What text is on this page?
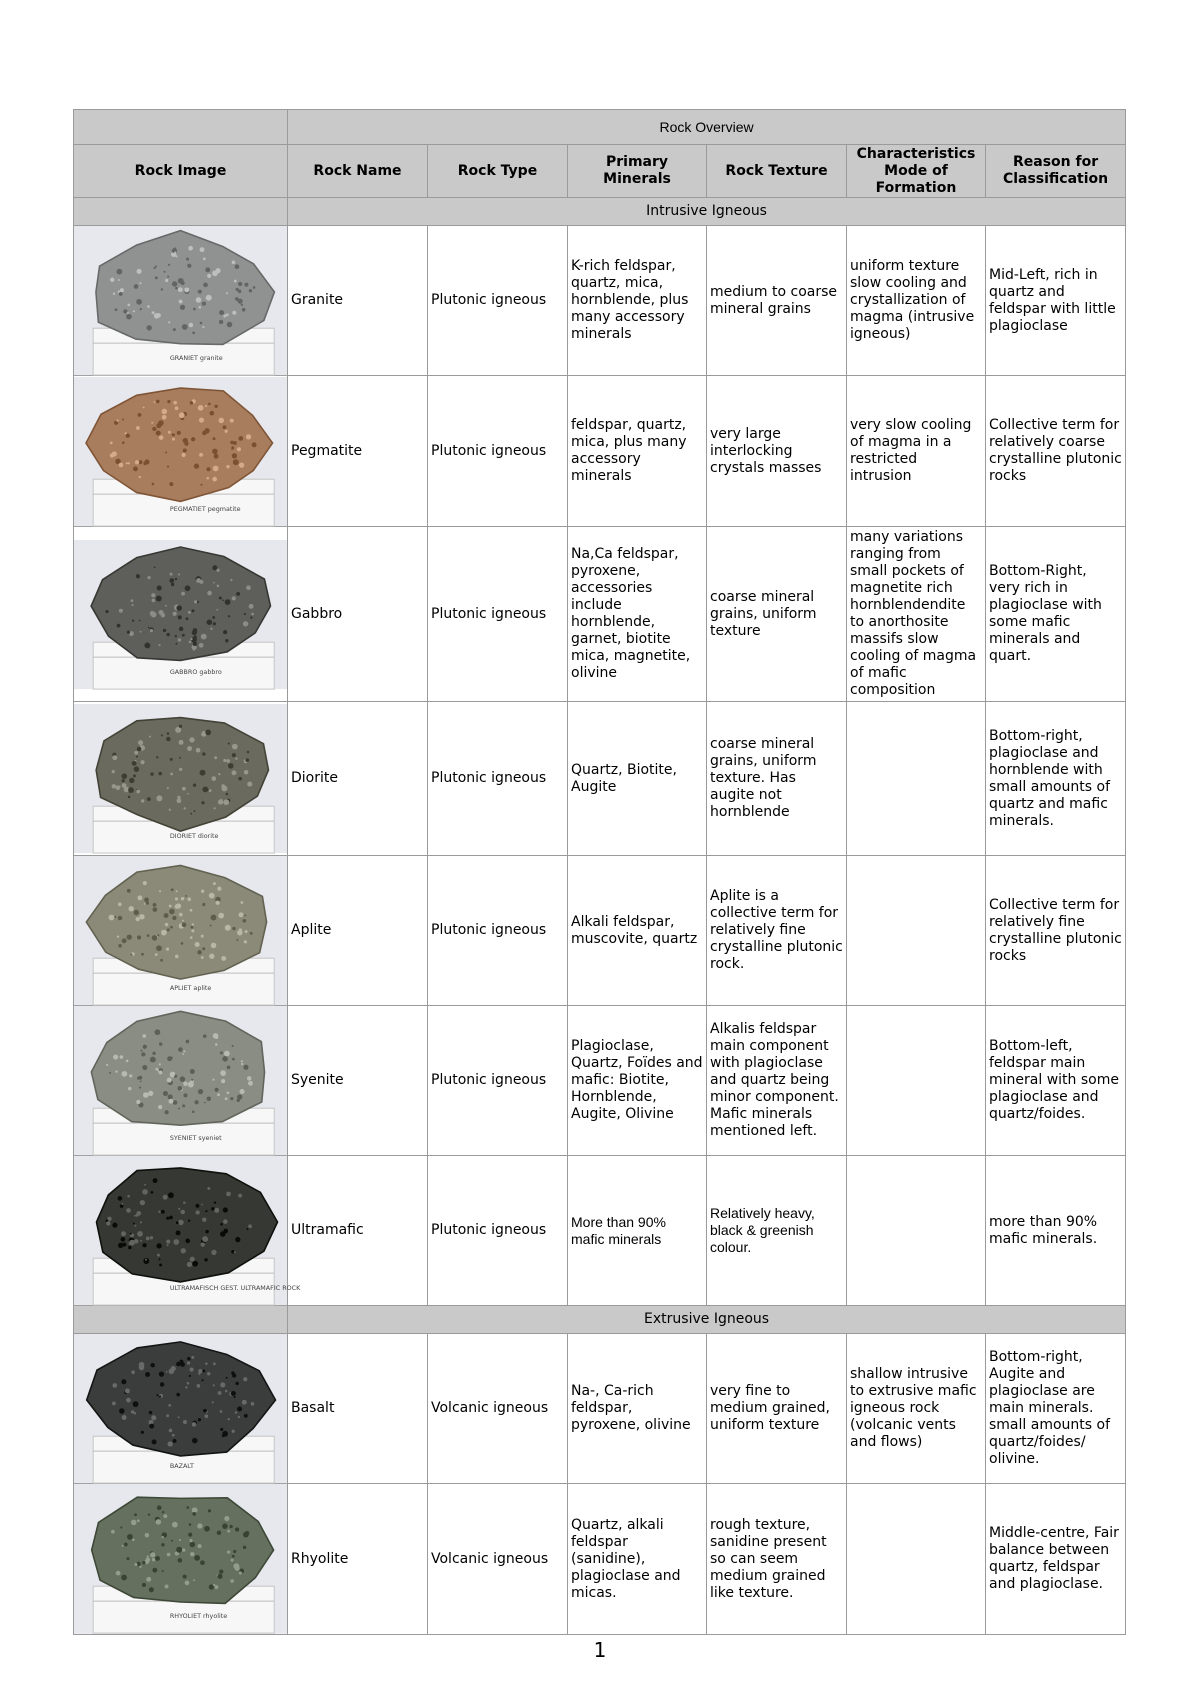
	Rock Overview					
Rock Image	Rock Name	Rock Type	Primary Minerals	Rock Texture	Characteristics Mode of Formation	Reason for Classification
	Intrusive Igneous					

GRANIET granite	Granite	Plutonic igneous	K-rich feldspar, quartz, mica, hornblende, plus many accessory minerals	medium to coarse mineral grains	uniform texture slow cooling and crystallization of magma (intrusive igneous)	Mid-Left, rich in quartz and feldspar with little plagioclase

PEGMATIET pegmatite	Pegmatite	Plutonic igneous	feldspar, quartz, mica, plus many accessory minerals	very large interlocking crystals masses	very slow cooling of magma in a restricted intrusion	Collective term for relatively coarse crystalline plutonic rocks

GABBRO gabbro	Gabbro	Plutonic igneous	Na,Ca feldspar, pyroxene, accessories include hornblende, garnet, biotite mica, magnetite, olivine	coarse mineral grains, uniform texture	many variations ranging from small pockets of magnetite rich hornblendendite to anorthosite massifs slow cooling of magma of mafic composition	Bottom-Right, very rich in plagioclase with some mafic minerals and quart.

DIORIET diorite	Diorite	Plutonic igneous	Quartz, Biotite, Augite	coarse mineral grains, uniform texture. Has augite not hornblende		Bottom-right, plagioclase and hornblende with small amounts of quartz and mafic minerals.

APLIET aplite	Aplite	Plutonic igneous	Alkali feldspar, muscovite, quartz	Aplite is a collective term for relatively fine crystalline plutonic rock.		Collective term for relatively fine crystalline plutonic rocks

SYENIET syeniet	Syenite	Plutonic igneous	Plagioclase, Quartz, Foïdes and mafic: Biotite, Hornblende, Augite, Olivine	Alkalis feldspar main component with plagioclase and quartz being minor component. Mafic minerals mentioned left.		Bottom-left, feldspar main mineral with some plagioclase and quartz/foides.

ULTRAMAFISCH GEST. ULTRAMAFIC ROCK	Ultramafic	Plutonic igneous	More than 90% mafic minerals	Relatively heavy, black & greenish colour.		more than 90% mafic minerals.
	Extrusive Igneous					

BAZALT	Basalt	Volcanic igneous	Na-, Ca-rich feldspar, pyroxene, olivine	very fine to medium grained, uniform texture	shallow intrusive to extrusive mafic igneous rock (volcanic vents and flows)	Bottom-right, Augite and plagioclase are main minerals. small amounts of quartz/foides/ olivine.

RHYOLIET rhyolite	Rhyolite	Volcanic igneous	Quartz, alkali feldspar (sanidine), plagioclase and micas.	rough texture, sanidine present so can seem medium grained like texture.		Middle-centre, Fair balance between quartz, feldspar and plagioclase.
1
